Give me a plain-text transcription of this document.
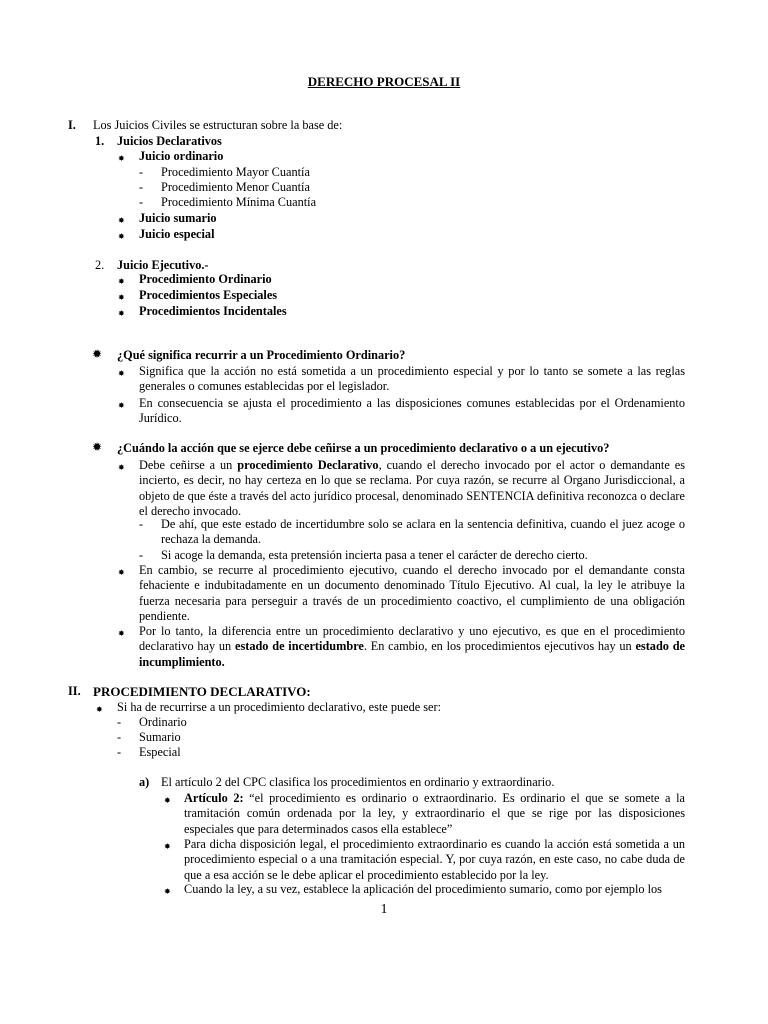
DERECHO PROCESAL II
I. Los Juicios Civiles se estructuran sobre la base de:
1. Juicios Declarativos
✸ Juicio ordinario
- Procedimiento Mayor Cuantía
- Procedimiento Menor Cuantía
- Procedimiento Mínima Cuantía
✸ Juicio sumario
✸ Juicio especial
2. Juicio Ejecutivo.-
✸ Procedimiento Ordinario
✸ Procedimientos Especiales
✸ Procedimientos Incidentales
✹ ¿Qué significa recurrir a un Procedimiento Ordinario?
✸ Significa que la acción no está sometida a un procedimiento especial y por lo tanto se somete a las reglas generales o comunes establecidas por el legislador.
✸ En consecuencia se ajusta el procedimiento a las disposiciones comunes establecidas por el Ordenamiento Jurídico.
✹ ¿Cuándo la acción que se ejerce debe ceñirse a un procedimiento declarativo o a un ejecutivo?
✸ Debe ceñirse a un procedimiento Declarativo, cuando el derecho invocado por el actor o demandante es incierto, es decir, no hay certeza en lo que se reclama. Por cuya razón, se recurre al Organo Jurisdiccional, a objeto de que éste a través del acto jurídico procesal, denominado SENTENCIA definitiva reconozca o declare el derecho invocado.
- De ahí, que este estado de incertidumbre solo se aclara en la sentencia definitiva, cuando el juez acoge o rechaza la demanda.
- Si acoge la demanda, esta pretensión incierta pasa a tener el carácter de derecho cierto.
✸ En cambio, se recurre al procedimiento ejecutivo, cuando el derecho invocado por el demandante consta fehaciente e indubitadamente en un documento denominado Título Ejecutivo. Al cual, la ley le atribuye la fuerza necesaria para perseguir a través de un procedimiento coactivo, el cumplimiento de una obligación pendiente.
✸ Por lo tanto, la diferencia entre un procedimiento declarativo y uno ejecutivo, es que en el procedimiento declarativo hay un estado de incertidumbre. En cambio, en los procedimientos ejecutivos hay un estado de incumplimiento.
II. PROCEDIMIENTO DECLARATIVO:
✸ Si ha de recurrirse a un procedimiento declarativo, este puede ser:
- Ordinario
- Sumario
- Especial
a) El artículo 2 del CPC clasifica los procedimientos en ordinario y extraordinario.
✸ Artículo 2: “el procedimiento es ordinario o extraordinario. Es ordinario el que se somete a la tramitación común ordenada por la ley, y extraordinario el que se rige por las disposiciones especiales que para determinados casos ella establece”
✸ Para dicha disposición legal, el procedimiento extraordinario es cuando la acción está sometida a un procedimiento especial o a una tramitación especial. Y, por cuya razón, en este caso, no cabe duda de que a esa acción se le debe aplicar el procedimiento establecido por la ley.
✸ Cuando la ley, a su vez, establece la aplicación del procedimiento sumario, como por ejemplo los
1
